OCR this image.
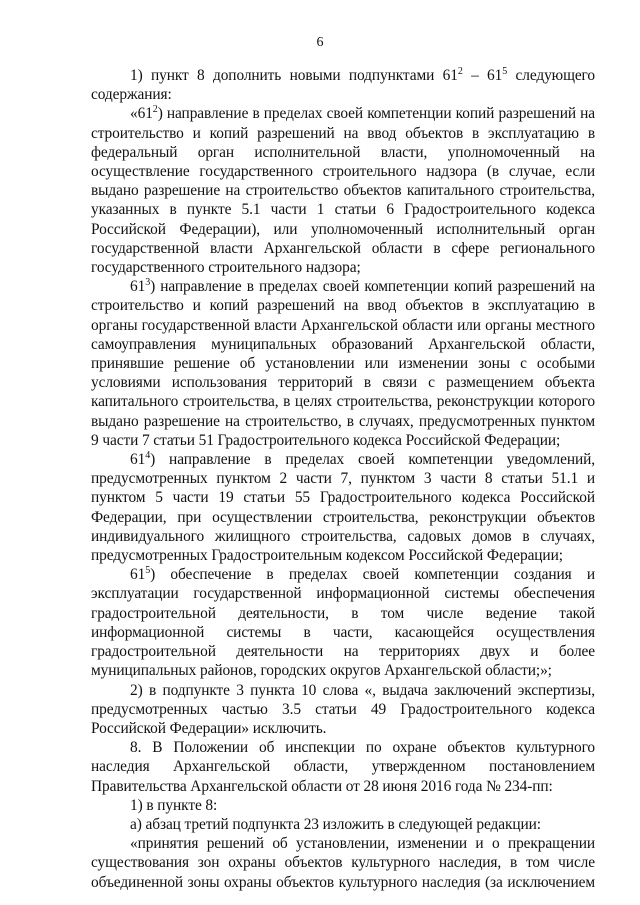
6

1) пункт 8 дополнить новыми подпунктами $61^2 - 61^5$ следующего содержания:

«$61^2$) направление в пределах своей компетенции копий разрешений на строительство и копий разрешений на ввод объектов в эксплуатацию в федеральный орган исполнительной власти, уполномоченный на осуществление государственного строительного надзора (в случае, если выдано разрешение на строительство объектов капитального строительства, указанных в пункте 5.1 части 1 статьи 6 Градостроительного кодекса Российской Федерации), или уполномоченный исполнительный орган государственной власти Архангельской области в сфере регионального государственного строительного надзора;

$61^3$) направление в пределах своей компетенции копий разрешений на строительство и копий разрешений на ввод объектов в эксплуатацию в органы государственной власти Архангельской области или органы местного самоуправления муниципальных образований Архангельской области, принявшие решение об установлении или изменении зоны с особыми условиями использования территорий в связи с размещением объекта капитального строительства, в целях строительства, реконструкции которого выдано разрешение на строительство, в случаях, предусмотренных пунктом 9 части 7 статьи 51 Градостроительного кодекса Российской Федерации;

$61^4$) направление в пределах своей компетенции уведомлений, предусмотренных пунктом 2 части 7, пунктом 3 части 8 статьи 51.1 и пунктом 5 части 19 статьи 55 Градостроительного кодекса Российской Федерации, при осуществлении строительства, реконструкции объектов индивидуального жилищного строительства, садовых домов в случаях, предусмотренных Градостроительным кодексом Российской Федерации;

$61^5$) обеспечение в пределах своей компетенции создания и эксплуатации государственной информационной системы обеспечения градостроительной деятельности, в том числе ведение такой информационной системы в части, касающейся осуществления градостроительной деятельности на территориях двух и более муниципальных районов, городских округов Архангельской области;»;

2) в подпункте 3 пункта 10 слова «, выдача заключений экспертизы, предусмотренных частью 3.5 статьи 49 Градостроительного кодекса Российской Федерации» исключить.

8. В Положении об инспекции по охране объектов культурного наследия Архангельской области, утвержденном постановлением Правительства Архангельской области от 28 июня 2016 года № 234-пп:

1) в пункте 8:

а) абзац третий подпункта 23 изложить в следующей редакции:

«принятия решений об установлении, изменении и о прекращении существования зон охраны объектов культурного наследия, в том числе объединенной зоны охраны объектов культурного наследия (за исключением
